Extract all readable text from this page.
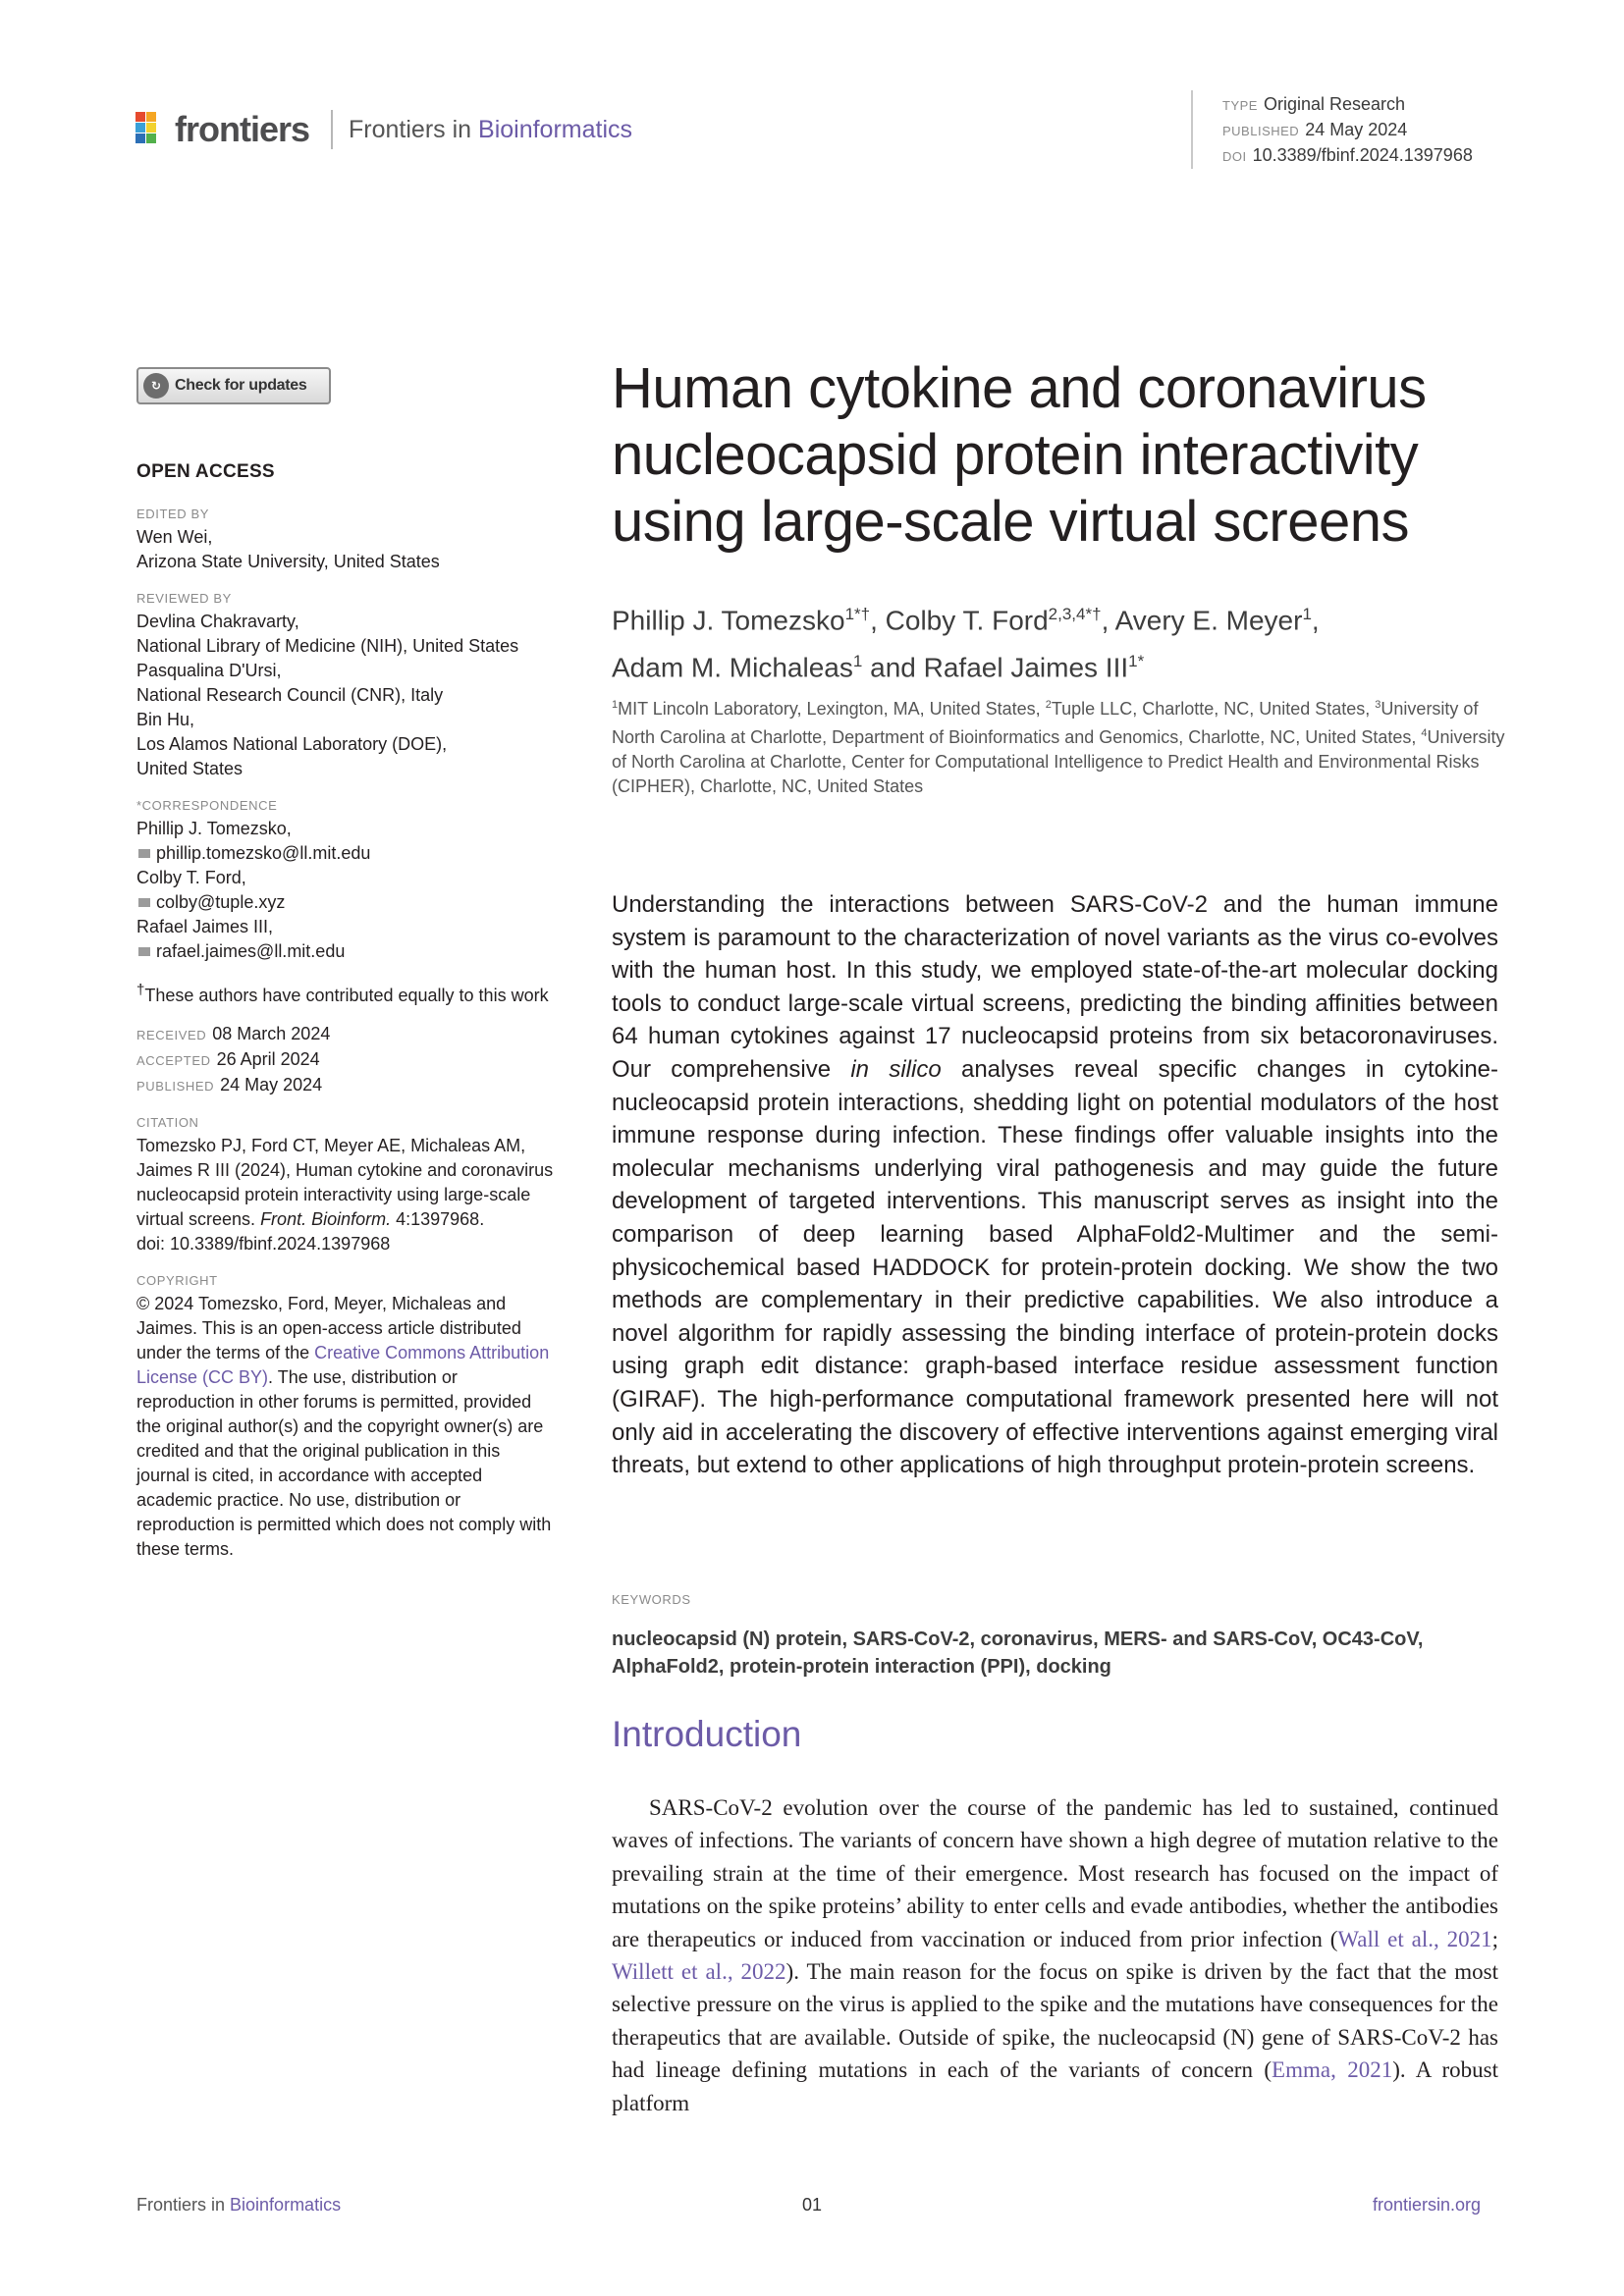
frontiers Frontiers in Bioinformatics
TYPE Original Research
PUBLISHED 24 May 2024
DOI 10.3389/fbinf.2024.1397968
↻ Check for updates
OPEN ACCESS
EDITED BY
Wen Wei,
Arizona State University, United States
REVIEWED BY
Devlina Chakravarty,
National Library of Medicine (NIH), United States
Pasqualina D'Ursi,
National Research Council (CNR), Italy
Bin Hu,
Los Alamos National Laboratory (DOE),
United States
*CORRESPONDENCE
Phillip J. Tomezsko,
phillip.tomezsko@ll.mit.edu
Colby T. Ford,
colby@tuple.xyz
Rafael Jaimes III,
rafael.jaimes@ll.mit.edu
†These authors have contributed equally to this work
RECEIVED 08 March 2024
ACCEPTED 26 April 2024
PUBLISHED 24 May 2024
CITATION
Tomezsko PJ, Ford CT, Meyer AE, Michaleas AM, Jaimes R III (2024), Human cytokine and coronavirus nucleocapsid protein interactivity using large-scale virtual screens. Front. Bioinform. 4:1397968.
doi: 10.3389/fbinf.2024.1397968
COPYRIGHT
© 2024 Tomezsko, Ford, Meyer, Michaleas and Jaimes. This is an open-access article distributed under the terms of the Creative Commons Attribution License (CC BY). The use, distribution or reproduction in other forums is permitted, provided the original author(s) and the copyright owner(s) are credited and that the original publication in this journal is cited, in accordance with accepted academic practice. No use, distribution or reproduction is permitted which does not comply with these terms.
Human cytokine and coronavirus nucleocapsid protein interactivity using large-scale virtual screens
Phillip J. Tomezsko$^{1*\dagger}$, Colby T. Ford$^{2,3,4*\dagger}$, Avery E. Meyer$^1$,
Adam M. Michaleas$^1$ and Rafael Jaimes $III^{1*}$
$^1$MIT Lincoln Laboratory, Lexington, MA, United States, $^2$Tuple LLC, Charlotte, NC, United States, $^3$University of North Carolina at Charlotte, Department of Bioinformatics and Genomics, Charlotte, NC, United States, $^4$University of North Carolina at Charlotte, Center for Computational Intelligence to Predict Health and Environmental Risks (CIPHER), Charlotte, NC, United States
Understanding the interactions between SARS-CoV-2 and the human immune system is paramount to the characterization of novel variants as the virus co-evolves with the human host. In this study, we employed state-of-the-art molecular docking tools to conduct large-scale virtual screens, predicting the binding affinities between 64 human cytokines against 17 nucleocapsid proteins from six betacoronaviruses. Our comprehensive in silico analyses reveal specific changes in cytokine-nucleocapsid protein interactions, shedding light on potential modulators of the host immune response during infection. These findings offer valuable insights into the molecular mechanisms underlying viral pathogenesis and may guide the future development of targeted interventions. This manuscript serves as insight into the comparison of deep learning based AlphaFold2-Multimer and the semi-physicochemical based HADDOCK for protein-protein docking. We show the two methods are complementary in their predictive capabilities. We also introduce a novel algorithm for rapidly assessing the binding interface of protein-protein docks using graph edit distance: graph-based interface residue assessment function (GIRAF). The high-performance computational framework presented here will not only aid in accelerating the discovery of effective interventions against emerging viral threats, but extend to other applications of high throughput protein-protein screens.
KEYWORDS
nucleocapsid (N) protein, SARS-CoV-2, coronavirus, MERS- and SARS-CoV, OC43-CoV, AlphaFold2, protein-protein interaction (PPI), docking
Introduction
SARS-CoV-2 evolution over the course of the pandemic has led to sustained, continued waves of infections. The variants of concern have shown a high degree of mutation relative to the prevailing strain at the time of their emergence. Most research has focused on the impact of mutations on the spike proteins’ ability to enter cells and evade antibodies, whether the antibodies are therapeutics or induced from vaccination or induced from prior infection (Wall et al., 2021; Willett et al., 2022). The main reason for the focus on spike is driven by the fact that the most selective pressure on the virus is applied to the spike and the mutations have consequences for the therapeutics that are available. Outside of spike, the nucleocapsid (N) gene of SARS-CoV-2 has had lineage defining mutations in each of the variants of concern (Emma, 2021). A robust platform
Frontiers in Bioinformatics	01	frontiersin.org
